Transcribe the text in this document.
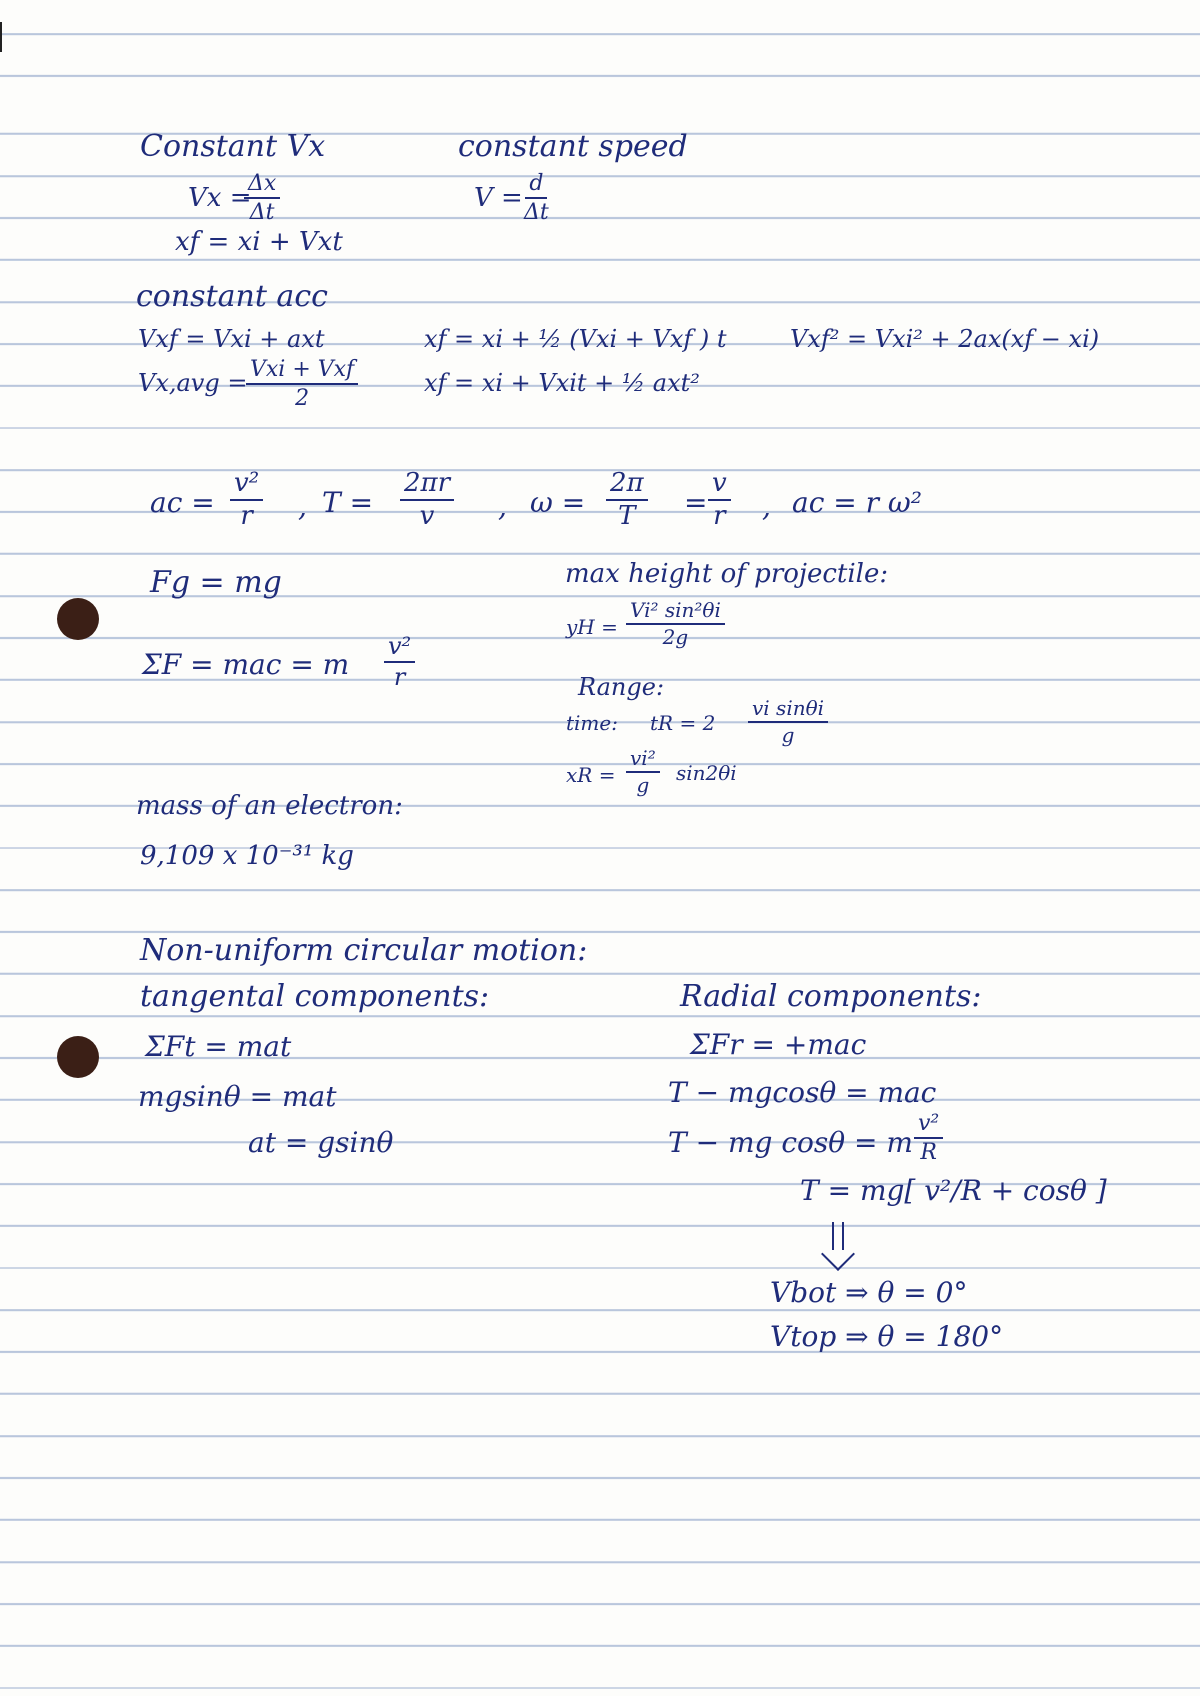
Constant Vx
Vx =
$\frac{\Delta x}{\Delta t}$
xf = xi + Vxt
constant speed
V =
$\frac{d}{\Delta t}$
constant acc
Vxf = Vxi + axt	xf = xi + ½ (Vxi + Vxf ) t	Vxf² = Vxi² + 2ax(xf − xi)
Vx,avg = Vxi + Vxf
2
xf = xi + Vxit + ½ axt²
ac = $\frac{\text{v²}}{r}$ , $T = \frac{2\pi r}{v}$ , $\omega = \frac{2\pi}{T} = \frac{v}{r}$ , ac = r ω²
Fg = mg
ΣF = mac = m $\frac{\text{v²}}{r}$
max height of projectile:
yH = $\frac{\text{Vi² sin²θi}}{2g}$
Range:
time: tR = $2 \frac{\text{vi sinθi}}{g}$
xR = $\frac{\text{vi²}}{g} \sin 2\theta i$
mass of an electron:
9,109 x 10⁻³¹ kg
Non-uniform circular motion:
tangental components:
ΣFt = mat
mgsinθ = mat
at = gsinθ
Radial components:
ΣFr = +mac
T − mgcosθ = mac
T − mg cosθ = m $\frac{\text{v²}}{R}$
T = mg[ v²/R + cosθ ]
Vbot ⇒ θ = 0°
Vtop ⇒ θ = 180°
